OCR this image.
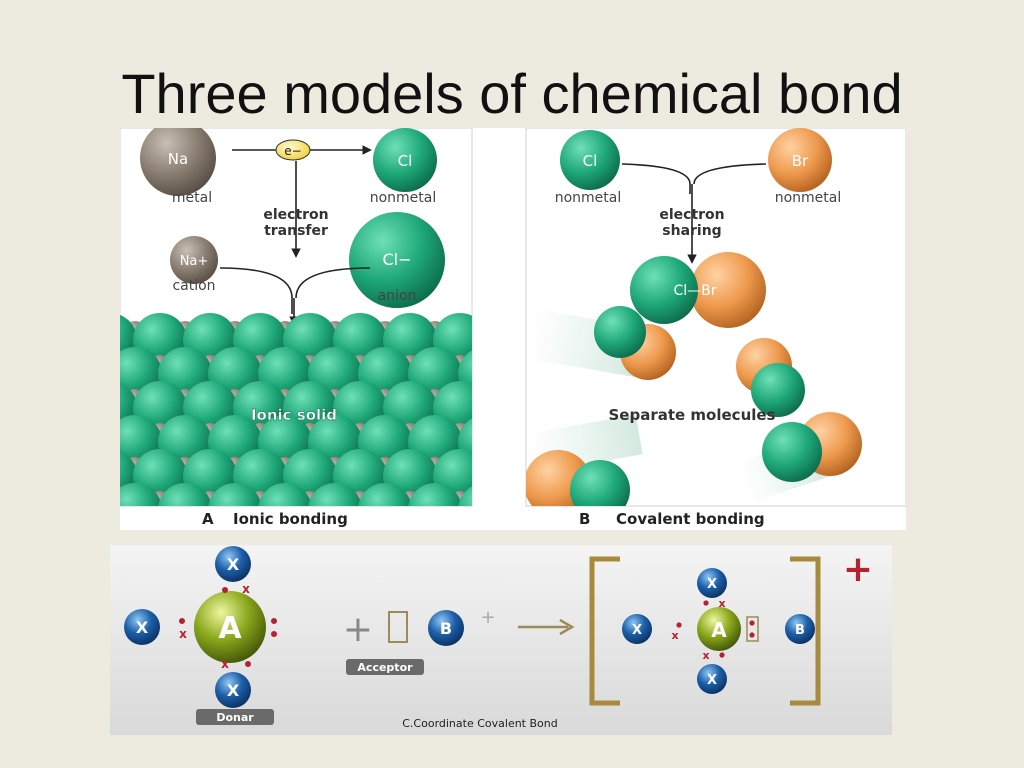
Three models of chemical bond
Na	e−
Cl
metal	nonmetal
electron
transfer
Na+	Cl−
cation
anion
Ionic solid
A Ionic bonding
Cl	Br
nonmetal	nonmetal
electron
sharing
Cl—Br
Separate molecules
B Covalent bonding
X
X
X
A
x
x
x
Donar
+	B
+
Acceptor
+
X
X
X
A	B
x
x
x
C.Coordinate Covalent Bond
